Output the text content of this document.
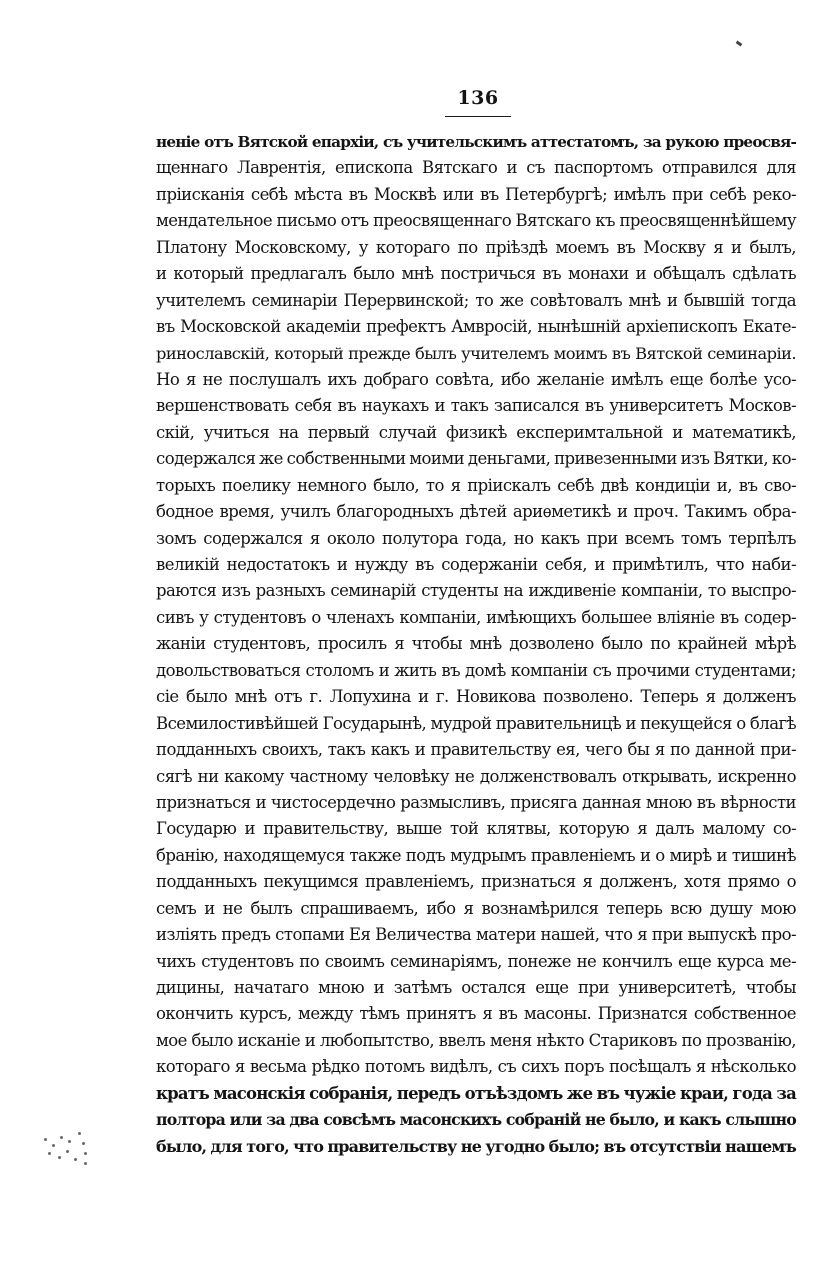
136
неніе отъ Вятской епархіи, съ учительскимъ аттестатомъ, за рукою преосвя-
щеннаго Лаврентія, епископа Вятскаго и съ паспортомъ отправился для
пріисканія себѣ мѣста въ Москвѣ или въ Петербургѣ; имѣлъ при себѣ реко-
мендательное письмо отъ преосвященнаго Вятскаго къ преосвященнѣйшему
Платону Московскому, у котораго по пріѣздѣ моемъ въ Москву я и былъ,
и который предлагалъ было мнѣ постричься въ монахи и обѣщалъ сдѣлать
учителемъ семинаріи Перервинской; то же совѣтовалъ мнѣ и бывшій тогда
въ Московской академіи префектъ Амвросій, нынѣшній архіепископъ Екате-
ринославскій, который прежде былъ учителемъ моимъ въ Вятской семинаріи.
Но я не послушалъ ихъ добраго совѣта, ибо желаніе имѣлъ еще болѣе усо-
вершенствовать себя въ наукахъ и такъ записался въ университетъ Москов-
скій, учиться на первый случай физикѣ експеримтальной и математикѣ,
содержался же собственными моими деньгами, привезенными изъ Вятки, ко-
торыхъ поелику немного было, то я пріискалъ себѣ двѣ кондиціи и, въ сво-
бодное время, училъ благородныхъ дѣтей ариѳметикѣ и проч. Такимъ обра-
зомъ содержался я около полутора года, но какъ при всемъ томъ терпѣлъ
великій недостатокъ и нужду въ содержаніи себя, и примѣтилъ, что наби-
раются изъ разныхъ семинарій студенты на иждивеніе компаніи, то выспро-
сивъ у студентовъ о членахъ компаніи, имѣющихъ большее вліяніе въ содер-
жаніи студентовъ, просилъ я чтобы мнѣ дозволено было по крайней мѣрѣ
довольствоваться столомъ и жить въ домѣ компаніи съ прочими студентами;
сіе было мнѣ отъ г. Лопухина и г. Новикова позволено. Теперь я долженъ
Всемилостивѣйшей Государынѣ, мудрой правительницѣ и пекущейся о благѣ
подданныхъ своихъ, такъ какъ и правительству ея, чего бы я по данной при-
сягѣ ни какому частному человѣку не долженствовалъ открывать, искренно
признаться и чистосердечно размысливъ, присяга данная мною въ вѣрности
Государю и правительству, выше той клятвы, которую я далъ малому со-
бранію, находящемуся также подъ мудрымъ правленіемъ и о мирѣ и тишинѣ
подданныхъ пекущимся правленіемъ, признаться я долженъ, хотя прямо о
семъ и не былъ спрашиваемъ, ибо я вознамѣрился теперь всю душу мою
излiять предъ стопами Ея Величества матери нашей, что я при выпускѣ про-
чихъ студентовъ по своимъ семинаріямъ, понеже не кончилъ еще курса ме-
дицины, начатаго мною и затѣмъ остался еще при университетѣ, чтобы
окончить курсъ, между тѣмъ принятъ я въ масоны. Признатся собственное
мое было исканіе и любопытство, ввелъ меня нѣкто Стариковъ по прозванію,
котораго я весьма рѣдко потомъ видѣлъ, съ сихъ поръ посѣщалъ я нѣсколько
кратъ масонскія собранія, передъ отъѣздомъ же въ чужіе краи, года за
полтора или за два совсѣмъ масонскихъ собраній не было, и какъ слышно
было, для того, что правительству не угодно было; въ отсутствіи нашемъ
